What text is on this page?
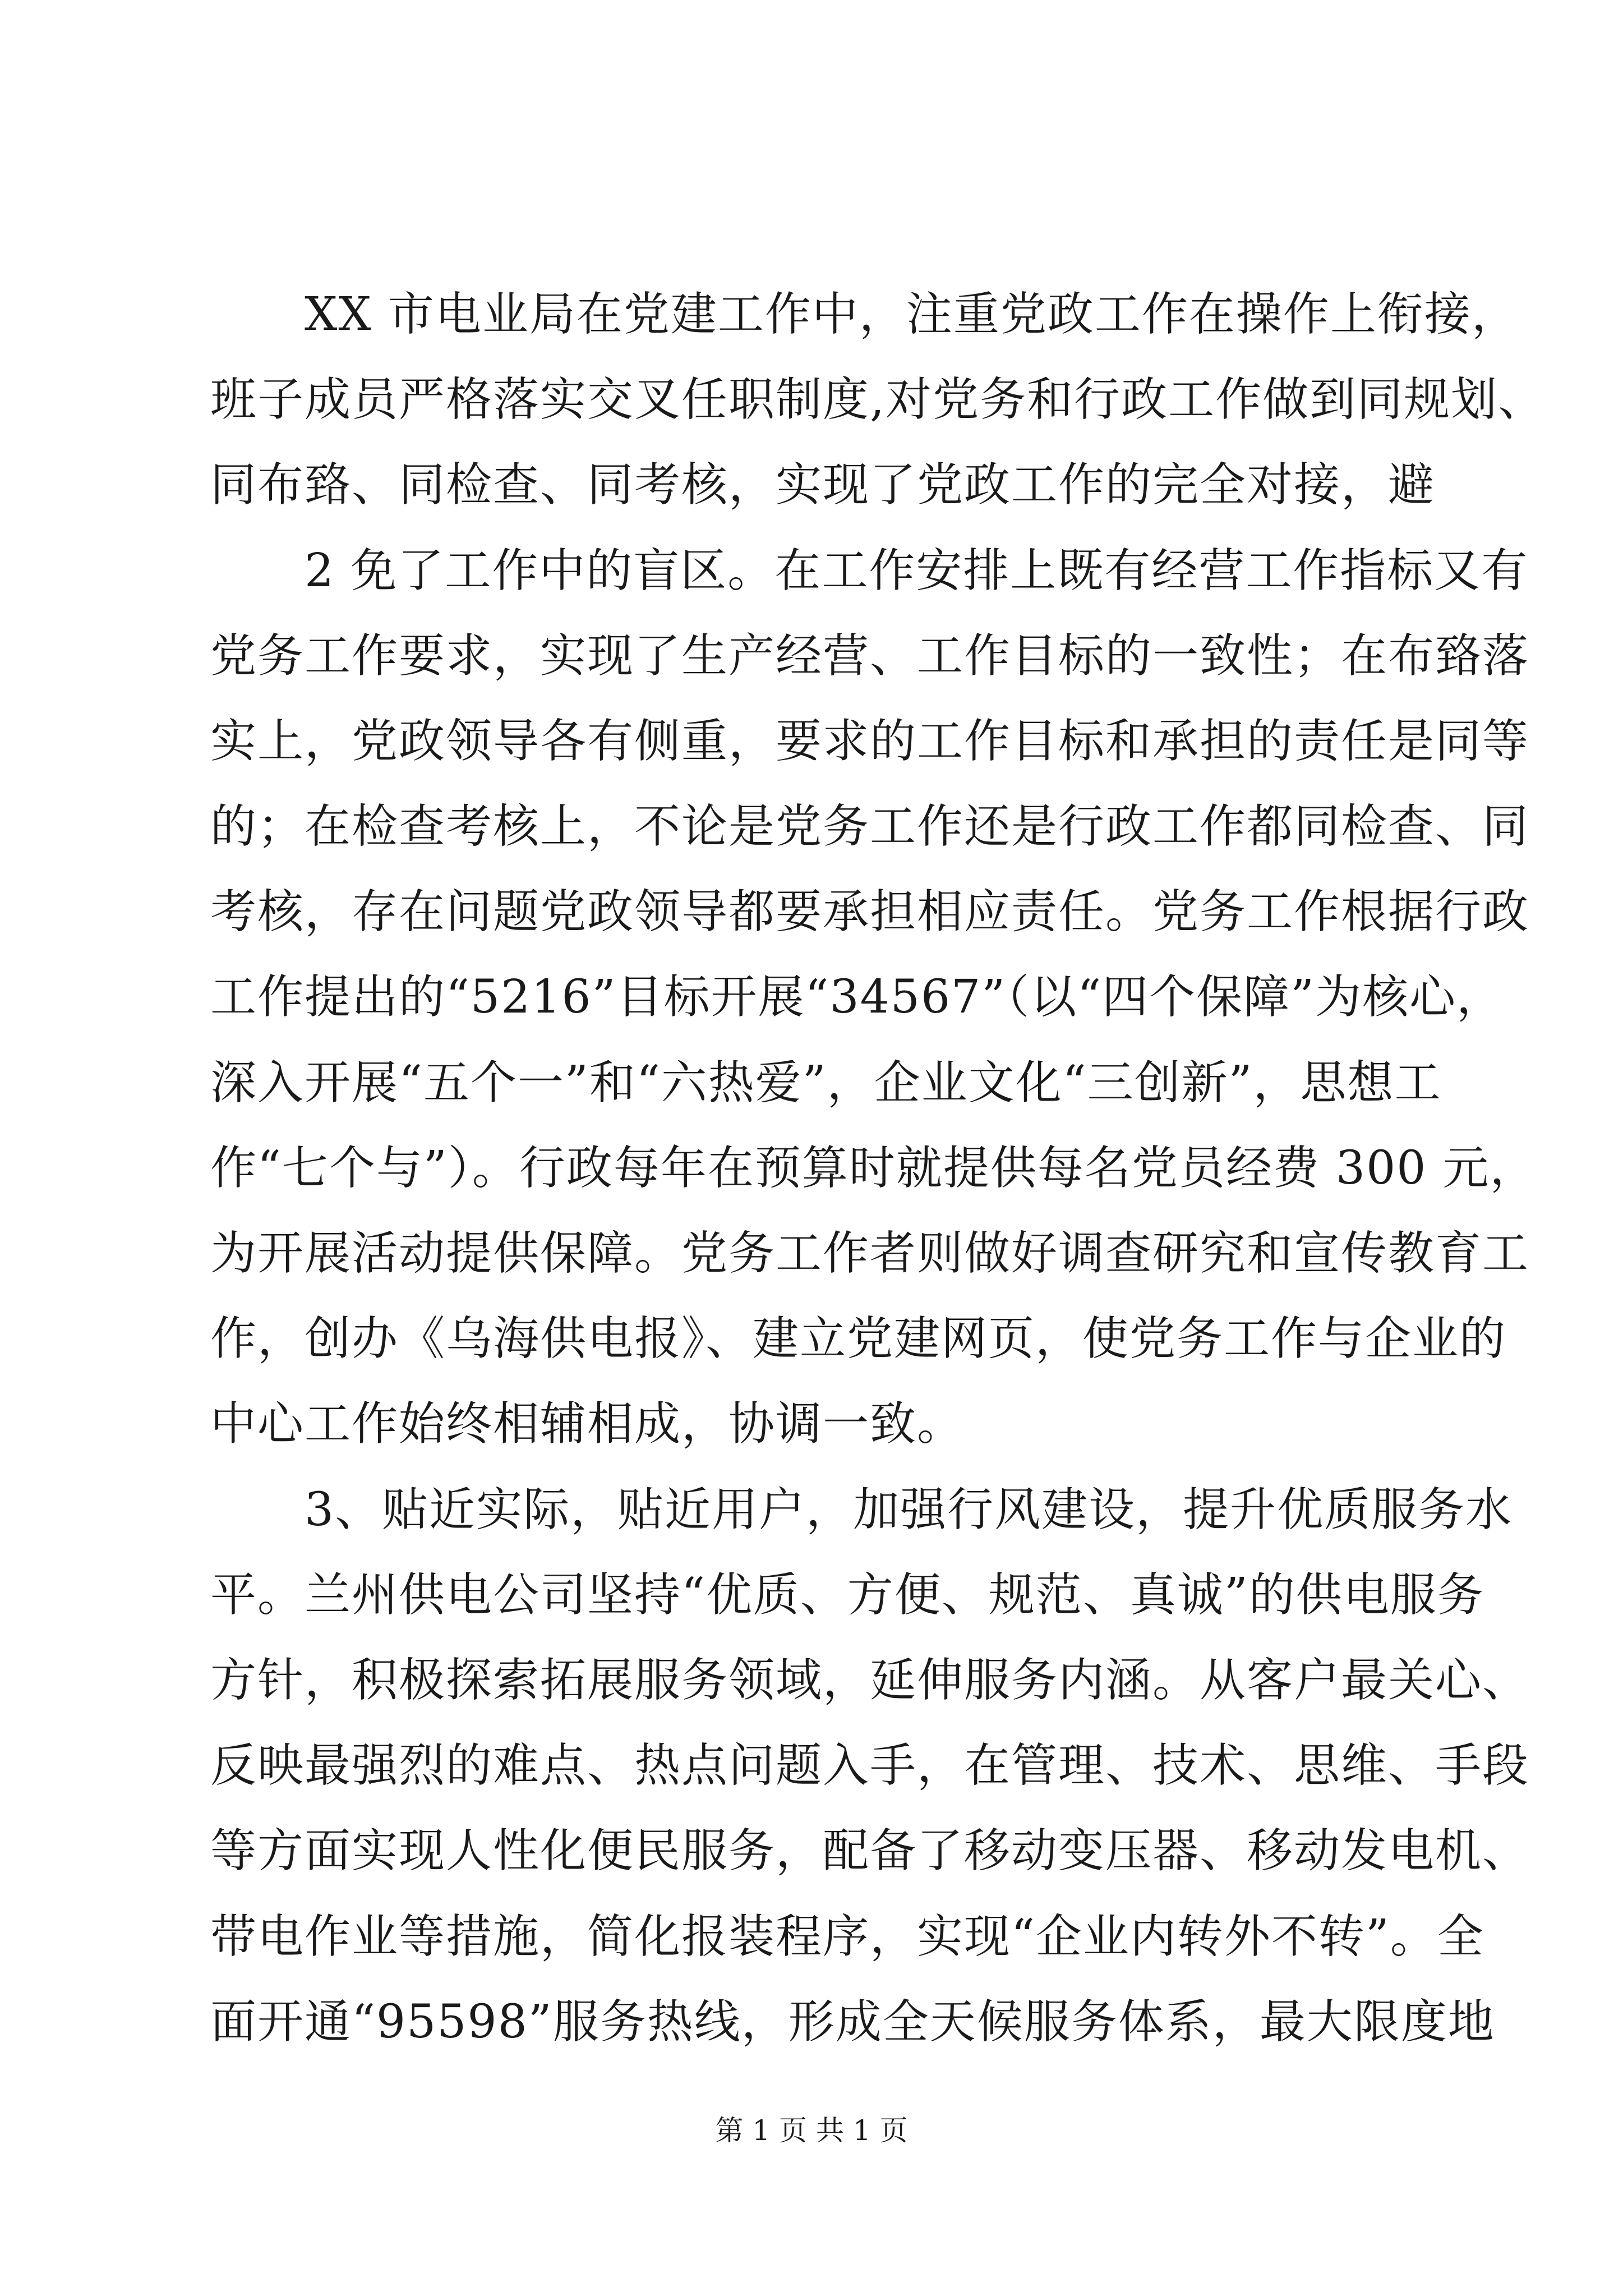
　　XX 市电业局在党建工作中，注重党政工作在操作上衔接，
班子成员严格落实交叉任职制度,对党务和行政工作做到同规划、
同布臵、同检查、同考核，实现了党政工作的完全对接，避
　　2 免了工作中的盲区。在工作安排上既有经营工作指标又有
党务工作要求，实现了生产经营、工作目标的一致性；在布臵落
实上，党政领导各有侧重，要求的工作目标和承担的责任是同等
的；在检查考核上，不论是党务工作还是行政工作都同检查、同
考核，存在问题党政领导都要承担相应责任。党务工作根据行政
工作提出的“5216”目标开展“34567”（以“四个保障”为核心，
深入开展“五个一”和“六热爱”，企业文化“三创新”，思想工
作“七个与”）。行政每年在预算时就提供每名党员经费 300 元，
为开展活动提供保障。党务工作者则做好调查研究和宣传教育工
作，创办《乌海供电报》、建立党建网页，使党务工作与企业的
中心工作始终相辅相成，协调一致。
　　3、贴近实际，贴近用户，加强行风建设，提升优质服务水
平。兰州供电公司坚持“优质、方便、规范、真诚”的供电服务
方针，积极探索拓展服务领域，延伸服务内涵。从客户最关心、
反映最强烈的难点、热点问题入手，在管理、技术、思维、手段
等方面实现人性化便民服务，配备了移动变压器、移动发电机、
带电作业等措施，简化报装程序，实现“企业内转外不转”。全
面开通“95598”服务热线，形成全天候服务体系，最大限度地
第 1 页 共 1 页
